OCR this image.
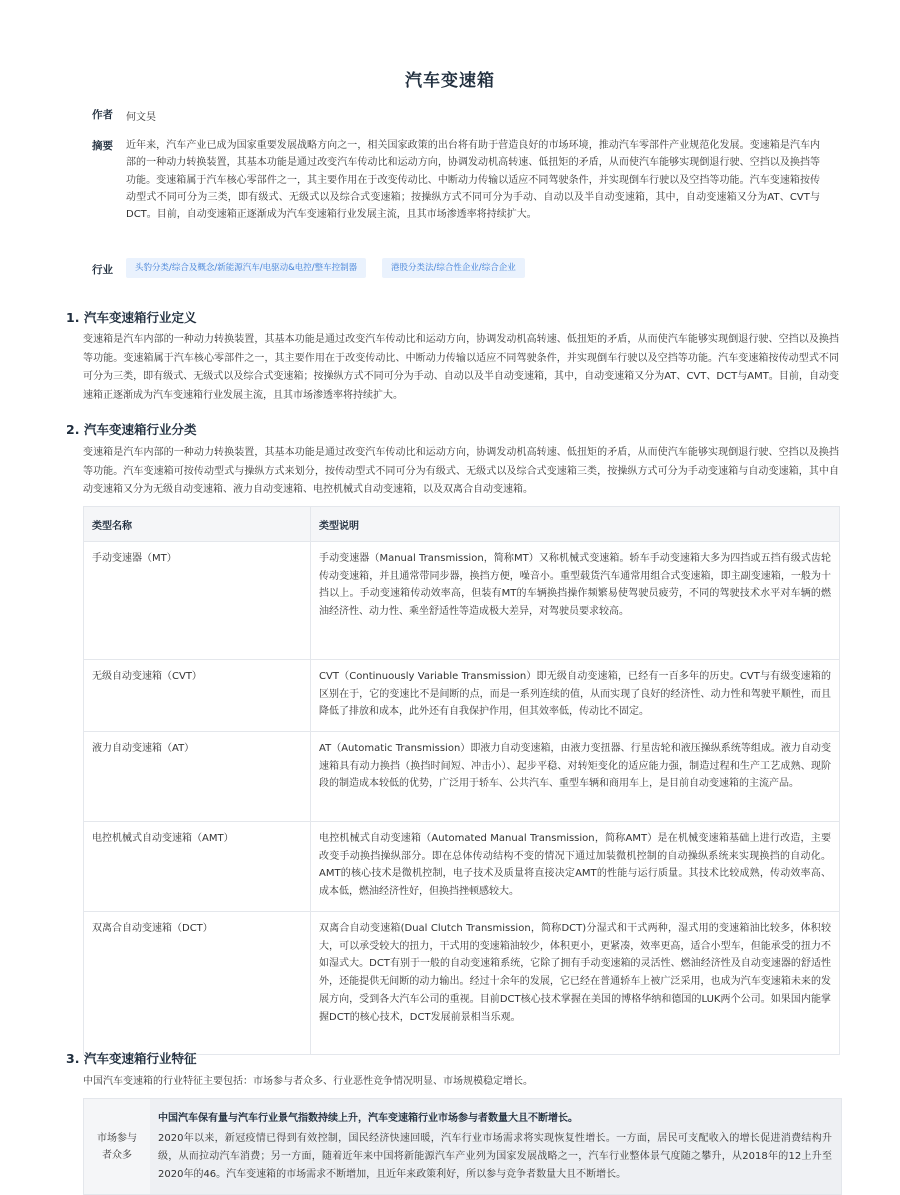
汽车变速箱
作者 何文昊
摘要 近年来，汽车产业已成为国家重要发展战略方向之一，相关国家政策的出台将有助于营造良好的市场环境，推动汽车零部件产业规范化发展。变速箱是汽车内部的一种动力转换装置，其基本功能是通过改变汽车传动比和运动方向，协调发动机高转速、低扭矩的矛盾，从而使汽车能够实现倒退行驶、空挡以及换挡等功能。变速箱属于汽车核心零部件之一，其主要作用在于改变传动比、中断动力传输以适应不同驾驶条件，并实现倒车行驶以及空挡等功能。汽车变速箱按传动型式不同可分为三类，即有级式、无级式以及综合式变速箱；按操纵方式不同可分为手动、自动以及半自动变速箱，其中，自动变速箱又分为AT、CVT与DCT。目前，自动变速箱正逐渐成为汽车变速箱行业发展主流，且其市场渗透率将持续扩大。
行业	头豹分类/综合及概念/新能源汽车/电驱动&电控/整车控制器	港股分类法/综合性企业/综合企业
1. 汽车变速箱行业定义
变速箱是汽车内部的一种动力转换装置，其基本功能是通过改变汽车传动比和运动方向，协调发动机高转速、低扭矩的矛盾，从而使汽车能够实现倒退行驶、空挡以及换挡等功能。变速箱属于汽车核心零部件之一，其主要作用在于改变传动比、中断动力传输以适应不同驾驶条件，并实现倒车行驶以及空挡等功能。汽车变速箱按传动型式不同可分为三类，即有级式、无级式以及综合式变速箱；按操纵方式不同可分为手动、自动以及半自动变速箱，其中，自动变速箱又分为AT、CVT、DCT与AMT。目前，自动变速箱正逐渐成为汽车变速箱行业发展主流，且其市场渗透率将持续扩大。
2. 汽车变速箱行业分类
变速箱是汽车内部的一种动力转换装置，其基本功能是通过改变汽车传动比和运动方向，协调发动机高转速、低扭矩的矛盾，从而使汽车能够实现倒退行驶、空挡以及换挡等功能。汽车变速箱可按传动型式与操纵方式来划分，按传动型式不同可分为有级式、无级式以及综合式变速箱三类，按操纵方式可分为手动变速箱与自动变速箱，其中自动变速箱又分为无级自动变速箱、液力自动变速箱、电控机械式自动变速箱，以及双离合自动变速箱。
类型名称	类型说明
手动变速器（MT）	手动变速器（Manual Transmission，简称MT）又称机械式变速箱。轿车手动变速箱大多为四挡或五挡有级式齿轮传动变速箱，并且通常带同步器，换挡方便，噪音小。重型载货汽车通常用组合式变速箱，即主副变速箱，一般为十挡以上。手动变速箱传动效率高，但装有MT的车辆换挡操作频繁易使驾驶员疲劳，不同的驾驶技术水平对车辆的燃油经济性、动力性、乘坐舒适性等造成极大差异，对驾驶员要求较高。
无级自动变速箱（CVT）	CVT（Continuously Variable Transmission）即无级自动变速箱，已经有一百多年的历史。CVT与有级变速箱的区别在于，它的变速比不是间断的点，而是一系列连续的值，从而实现了良好的经济性、动力性和驾驶平顺性，而且降低了排放和成本，此外还有自我保护作用，但其效率低，传动比不固定。
液力自动变速箱（AT）	AT（Automatic Transmission）即液力自动变速箱，由液力变扭器、行星齿轮和液压操纵系统等组成。液力自动变速箱具有动力换挡（换挡时间短、冲击小）、起步平稳、对转矩变化的适应能力强，制造过程和生产工艺成熟、现阶段的制造成本较低的优势，广泛用于轿车、公共汽车、重型车辆和商用车上，是目前自动变速箱的主流产品。
电控机械式自动变速箱（AMT）	电控机械式自动变速箱（Automated Manual Transmission，简称AMT）是在机械变速箱基础上进行改造，主要改变手动换挡操纵部分。即在总体传动结构不变的情况下通过加装微机控制的自动操纵系统来实现换挡的自动化。AMT的核心技术是微机控制，电子技术及质量将直接决定AMT的性能与运行质量。其技术比较成熟，传动效率高、成本低，燃油经济性好，但换挡挫顿感较大。
双离合自动变速箱（DCT）	双离合自动变速箱(Dual Clutch Transmission，简称DCT)分湿式和干式两种，湿式用的变速箱油比较多，体积较大，可以承受较大的扭力，干式用的变速箱油较少，体积更小，更紧凑，效率更高，适合小型车，但能承受的扭力不如湿式大。DCT有别于一般的自动变速箱系统，它除了拥有手动变速箱的灵活性、燃油经济性及自动变速器的舒适性外，还能提供无间断的动力输出。经过十余年的发展，它已经在普通轿车上被广泛采用，也成为汽车变速箱未来的发展方向，受到各大汽车公司的重视。目前DCT核心技术掌握在美国的博格华纳和德国的LUK两个公司。如果国内能掌握DCT的核心技术，DCT发展前景相当乐观。
3. 汽车变速箱行业特征
中国汽车变速箱的行业特征主要包括：市场参与者众多、行业恶性竞争情况明显、市场规模稳定增长。
市场参与者众多
中国汽车保有量与汽车行业景气指数持续上升，汽车变速箱行业市场参与者数量大且不断增长。
2020年以来，新冠疫情已得到有效控制，国民经济快速回暖，汽车行业市场需求将实现恢复性增长。一方面，居民可支配收入的增长促进消费结构升级，从而拉动汽车消费；另一方面，随着近年来中国将新能源汽车产业列为国家发展战略之一，汽车行业整体景气度随之攀升，从2018年的12上升至2020年的46。汽车变速箱的市场需求不断增加，且近年来政策利好，所以参与竞争者数量大且不断增长。
